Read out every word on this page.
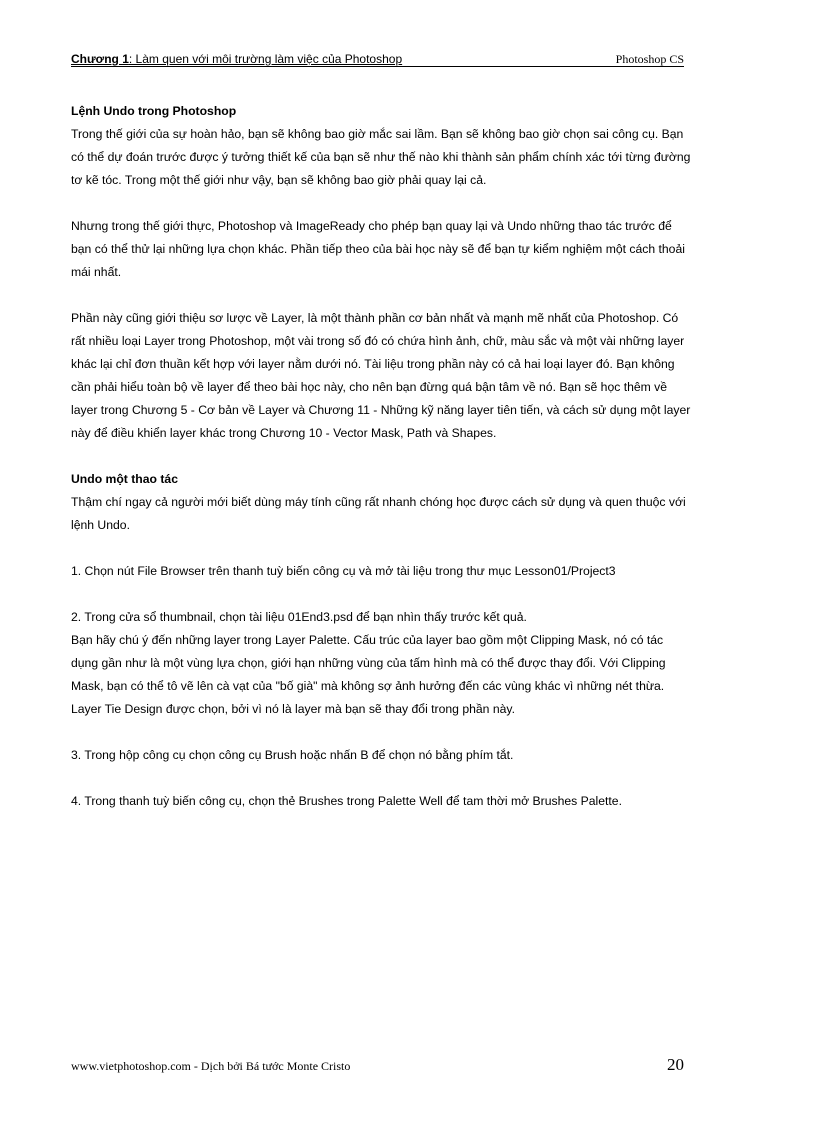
Chương 1: Làm quen với môi trường làm việc của Photoshop	Photoshop CS
Lệnh Undo trong Photoshop

Trong thế giới của sự hoàn hảo, bạn sẽ không bao giờ mắc sai lầm. Bạn sẽ không bao giờ chọn sai công cụ. Bạn có thể dự đoán trước được ý tưởng thiết kế của bạn sẽ như thế nào khi thành sản phẩm chính xác tới từng đường tơ kẽ tóc. Trong một thế giới như vậy, bạn sẽ không bao giờ phải quay lại cả.

Nhưng trong thế giới thực, Photoshop và ImageReady cho phép bạn quay lại và Undo những thao tác trước để bạn có thể thử lại những lựa chọn khác. Phần tiếp theo của bài học này sẽ để bạn tự kiểm nghiệm một cách thoải mái nhất.

Phần này cũng giới thiệu sơ lược về Layer, là một thành phần cơ bản nhất và mạnh mẽ nhất của Photoshop. Có rất nhiều loại Layer trong Photoshop, một vài trong số đó có chứa hình ảnh, chữ, màu sắc và một vài những layer khác lại chỉ đơn thuần kết hợp với layer nằm dưới nó. Tài liệu trong phần này có cả hai loại layer đó. Bạn không cần phải hiểu toàn bộ về layer để theo bài học này, cho nên bạn đừng quá bận tâm về nó. Bạn sẽ học thêm về layer trong Chương 5 - Cơ bản về Layer và Chương 11 - Những kỹ năng layer tiên tiến, và cách sử dụng một layer này để điều khiển layer khác trong Chương 10 - Vector Mask, Path và Shapes.

Undo một thao tác

Thậm chí ngay cả người mới biết dùng máy tính cũng rất nhanh chóng học được cách sử dụng và quen thuộc với lệnh Undo.

1. Chọn nút File Browser trên thanh tuỳ biến công cụ và mở tài liệu trong thư mục Lesson01/Project3

2. Trong cửa sổ thumbnail, chọn tài liệu 01End3.psd để bạn nhìn thấy trước kết quả.

Bạn hãy chú ý đến những layer trong Layer Palette. Cấu trúc của layer bao gồm một Clipping Mask, nó có tác dụng gần như là một vùng lựa chọn, giới hạn những vùng của tấm hình mà có thể được thay đổi. Với Clipping Mask, bạn có thể tô vẽ lên cà vạt của "bố già" mà không sợ ảnh hưởng đến các vùng khác vì những nét thừa. Layer Tie Design được chọn, bởi vì nó là layer mà bạn sẽ thay đổi trong phần này.

3. Trong hộp công cụ chọn công cụ Brush hoặc nhấn B để chọn nó bằng phím tắt.

4. Trong thanh tuỳ biến công cụ, chọn thẻ Brushes trong Palette Well để tam thời mở Brushes Palette.

www.vietphotoshop.com - Dịch bởi Bá tước Monte Cristo	20
